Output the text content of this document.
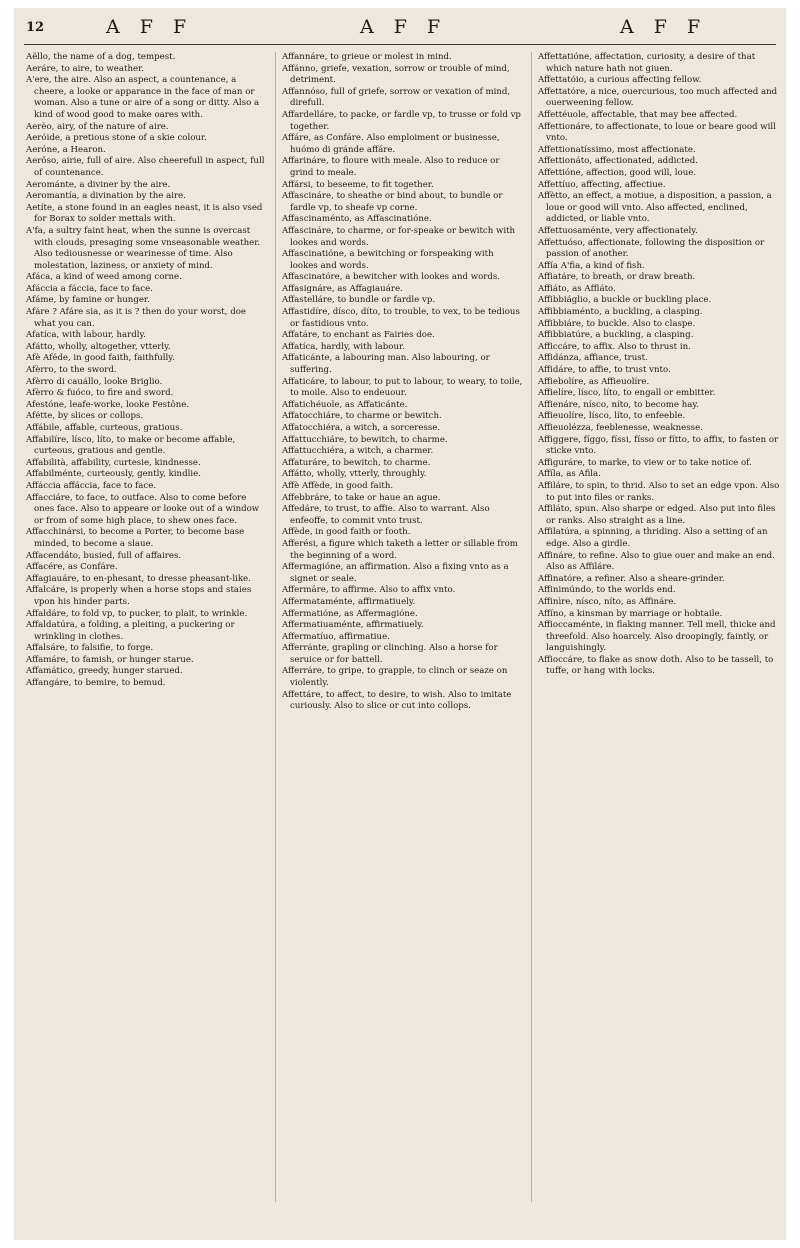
12	A F F	A F F	A F F

Aëllo, the name of a dog, tempest.

Aeráre, to aire, to weather.

A'ere, the aire. Also an aspect, a countenance, a cheere, a looke or apparance in the face of man or woman. Also a tune or aire of a song or ditty. Also a kind of wood good to make oares with.

Aerèo, airy, of the nature of aire.

Aeróide, a pretious stone of a skie colour.

Aeróne, a Hearon.

Aerôso, airie, full of aire. Also cheerefull in aspect, full of countenance.

Aerománte, a diviner by the aire.

Aeromantía, a divination by the aire.

Aetíte, a stone found in an eagles neast, it is also vsed for Borax to solder mettals with.

A'fa, a sultry faint heat, when the sunne is overcast with clouds, presaging some vnseasonable weather. Also tediousnesse or wearinesse of time. Also molestation, laziness, or anxiety of mind.

Afáca, a kind of weed among corne.

Afáccia a fáccia, face to face.

Afáme, by famine or hunger.

Afáre ? Afáre sia, as it is ? then do your worst, doe what you can.

Afatíca, with labour, hardly.

Afátto, wholly, altogether, vtterly.

Afè Aféde, in good faith, faithfully.

Afèrro, to the sword.

Afèrro di cauállo, looke Briglio.

Afèrro & fuóco, to fire and sword.

Afestóne, leafe-worke, looke Festône.

Afétte, by slices or collops.

Affábile, affable, curteous, gratious.

Affabilíre, lísco, líto, to make or become affable, curteous, gratious and gentle.

Affabilità, affability, curtesie, kindnesse.

Affabilménte, curteously, gently, kindlie.

Affáccia affáccia, face to face.

Affacciáre, to face, to outface. Also to come before ones face. Also to appeare or looke out of a window or from of some high place, to shew ones face.

Affacchinársi, to become a Porter, to become base minded, to become a slaue.

Affacendáto, busied, full of affaires.

Affacére, as Confáre.

Affagiauáre, to en-phesant, to dresse pheasant-like.

Affalcáre, is properly when a horse stops and staies vpon his hinder parts.

Affaldáre, to fold vp, to pucker, to plait, to wrinkle.

Affaldatúra, a folding, a pleiting, a puckering or wrinkling in clothes.

Affalsáre, to falsifie, to forge.

Affamáre, to famish, or hunger starue.

Affamático, greedy, hunger starued.

Affangáre, to bemire, to bemud.

Affannáre, to grieue or molest in mind.

Affánno, griefe, vexation, sorrow or trouble of mind, detriment.

Affannóso, full of griefe, sorrow or vexation of mind, direfull.

Affardelláre, to packe, or fardle vp, to trusse or fold vp together.

Affáre, as Confáre. Also emploiment or businesse, huómo di gránde affáre.

Affarináre, to floure with meale. Also to reduce or grind to meale.

Affársi, to beseeme, to fit together.

Affascináre, to sheathe or bind about, to bundle or fardle vp, to sheafe vp corne.

Affascinaménto, as Affascinatióne.

Affascináre, to charme, or for-speake or bewitch with lookes and words.

Affascinatióne, a bewitching or forspeaking with lookes and words.

Affascinatóre, a bewitcher with lookes and words.

Affasignáre, as Affagiauáre.

Affastelláre, to bundle or fardle vp.

Affastidíre, dísco, díto, to trouble, to vex, to be tedious or fastidious vnto.

Affatáre, to enchant as Fairies doe.

Affatíca, hardly, with labour.

Affaticánte, a labouring man. Also labouring, or suffering.

Affaticáre, to labour, to put to labour, to weary, to toile, to moile. Also to endeuour.

Affatichéuole, as Affaticánte.

Affatocchiáre, to charme or bewitch.

Affatocchiéra, a witch, a sorceresse.

Affattucchiáre, to bewitch, to charme.

Affattucchiéra, a witch, a charmer.

Affaturáre, to bewitch, to charme.

Affátto, wholly, vtterly, throughly.

Affè Affède, in good faith.

Affebbráre, to take or haue an ague.

Affedáre, to trust, to affie. Also to warrant. Also enfeoffe, to commit vnto trust.

Affède, in good faith or footh.

Afferési, a figure which taketh a letter or sillable from the beginning of a word.

Affermagióne, an affirmation. Also a fixing vnto as a signet or seale.

Affermáre, to affirme. Also to affix vnto.

Affermataménte, affirmatiuely.

Affermatióne, as Affermagióne.

Affermatiuaménte, affirmatiuely.

Affermatíuo, affirmatiue.

Afferránte, grapling or clinching. Also a horse for seruice or for battell.

Afferráre, to gripe, to grapple, to clinch or seaze on violently.

Affettáre, to affect, to desire, to wish. Also to imitate curiously. Also to slice or cut into collops.

Affettatióne, affectation, curiosity, a desire of that which nature hath not giuen.

Affettatóio, a curious affecting fellow.

Affettatóre, a nice, ouercurious, too much affected and ouerweening fellow.

Affettéuole, affectable, that may bee affected.

Affettionáre, to affectionate, to loue or beare good will vnto.

Affettionatíssimo, most affectionate.

Affettionáto, affectionated, addicted.

Affettióne, affection, good will, loue.

Affettíuo, affecting, affectiue.

Affètto, an effect, a motiue, a disposition, a passion, a loue or good will vnto. Also affected, enclined, addicted, or liable vnto.

Affettuosaménte, very affectionately.

Affettuóso, affectionate, following the disposition or passion of another.

Affía A'fia, a kind of fish.

Affiatáre, to breath, or draw breath.

Affiáto, as Affláto.

Affibbiáglio, a buckle or buckling place.

Affibbiaménto, a buckling, a clasping.

Affibbiáre, to buckle. Also to claspe.

Affibbiatúre, a buckling, a clasping.

Afficcáre, to affix. Also to thrust in.

Affidánza, affiance, trust.

Affidáre, to affie, to trust vnto.

Affiebolíre, as Affieuolíre.

Affielíre, lísco, líto, to engall or embitter.

Affienáre, nísco, níto, to become hay.

Affieuolíre, lísco, líto, to enfeeble.

Affieuolézza, feeblenesse, weaknesse.

Affiggere, fíggo, físsi, físso or fítto, to affix, to fasten or sticke vnto.

Affiguráre, to marke, to view or to take notice of.

Affíla, as Afila.

Affiláre, to spin, to thrid. Also to set an edge vpon. Also to put into files or ranks.

Affiláto, spun. Also sharpe or edged. Also put into files or ranks. Also straight as a line.

Affilatúra, a spinning, a thriding. Also a setting of an edge. Also a girdle.

Affináre, to refine. Also to giue ouer and make an end. Also as Affiláre.

Affinatóre, a refiner. Also a sheare-grinder.

Affinimúndo, to the worlds end.

Affinìre, nísco, níto, as Affináre.

Affíno, a kinsman by marriage or hobtaile.

Affioccaménte, in flaking manner. Tell mell, thicke and threefold. Also hoarcely. Also droopingly, faintly, or languishingly.

Affioccáre, to flake as snow doth. Also to be tassell, to tuffe, or hang with locks.
